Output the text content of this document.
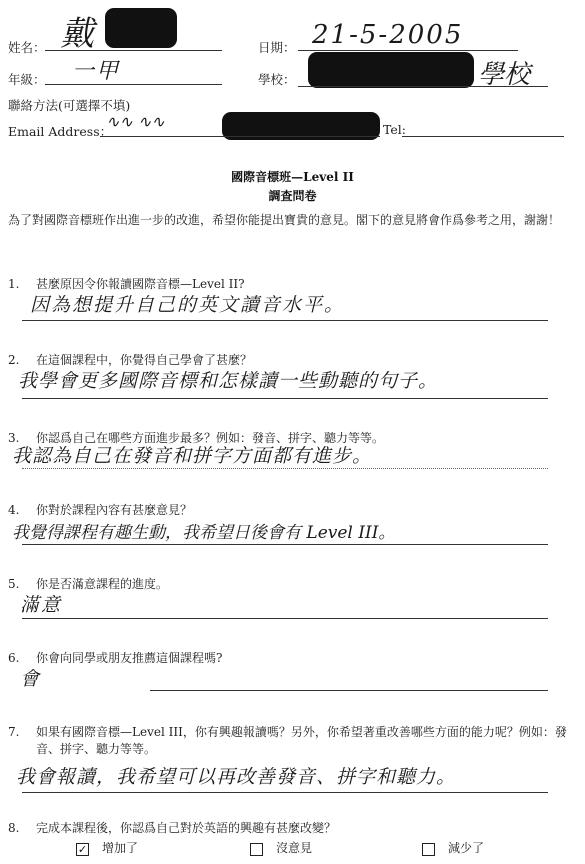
姓名： 戴	日期： 21-5-2005
年級： 一甲	學校：	學校
聯絡方法(可選擇不填)
Email Address：
∿∿ ∿∿	Tel:
國際音標班—Level II
調查問卷
為了對國際音標班作出進一步的改進，希望你能提出寶貴的意見。閣下的意見將會作爲參考之用，謝謝！
1.	甚麼原因令你報讀國際音標—Level II?
因為想提升自己的英文讀音水平。
2.	在這個課程中，你覺得自己學會了甚麼？
我學會更多國際音標和怎樣讀一些動聽的句子。
3.	你認爲自己在哪些方面進步最多？例如：發音、拼字、聽力等等。
我認為自己在發音和拼字方面都有進步。
4.	你對於課程內容有甚麼意見？
我覺得課程有趣生動，我希望日後會有 Level III。
5.	你是否滿意課程的進度。
滿意
6.	你會向同學或朋友推薦這個課程嗎?
會
7.	如果有國際音標—Level III，你有興趣報讀嗎？另外，你希望著重改善哪些方面的能力呢？例如：發音、拼字、聽力等等。
我會報讀，我希望可以再改善發音、拼字和聽力。
8.	完成本課程後，你認爲自己對於英語的興趣有甚麼改變？
✓ 增加了	沒意見	減少了
